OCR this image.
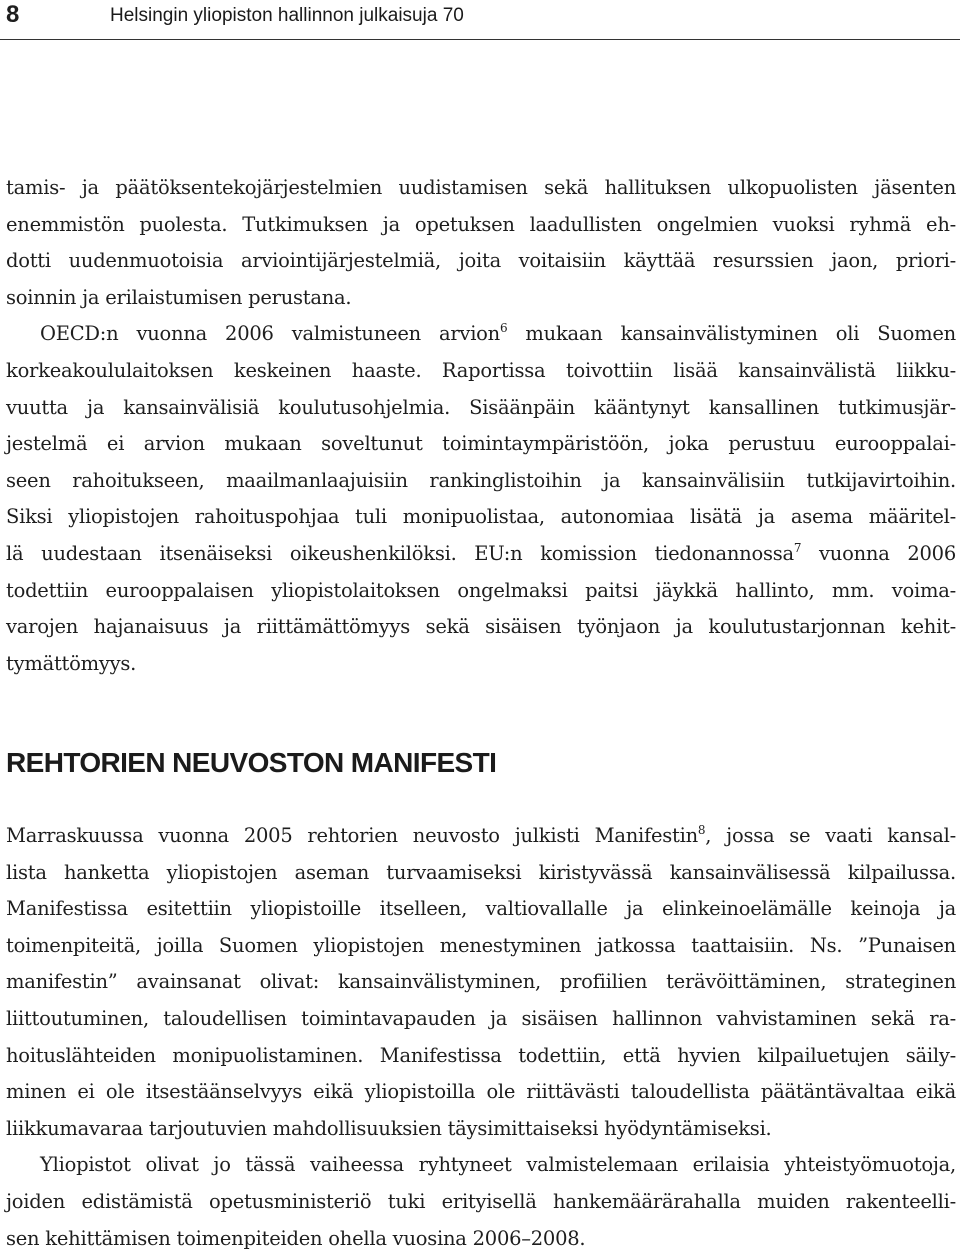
8	Helsingin yliopiston hallinnon julkaisuja 70
tamis- ja päätöksentekojärjestelmien uudistamisen sekä hallituksen ulkopuolisten jäsenten
enemmistön puolesta. Tutkimuksen ja opetuksen laadullisten ongelmien vuoksi ryhmä eh-
dotti uudenmuotoisia arviointijärjestelmiä, joita voitaisiin käyttää resurssien jaon, priori-
soinnin ja erilaistumisen perustana.
OECD:n vuonna 2006 valmistuneen arvion$^6$ mukaan kansainvälistyminen oli Suomen
korkeakoululaitoksen keskeinen haaste. Raportissa toivottiin lisää kansainvälistä liikku-
vuutta ja kansainvälisiä koulutusohjelmia. Sisäänpäin kääntynyt kansallinen tutkimusjär-
jestelmä ei arvion mukaan soveltunut toimintaympäristöön, joka perustuu eurooppalai-
seen rahoitukseen, maailmanlaajuisiin rankinglistoihin ja kansainvälisiin tutkijavirtoihin.
Siksi yliopistojen rahoituspohjaa tuli monipuolistaa, autonomiaa lisätä ja asema määritel-
lä uudestaan itsenäiseksi oikeushenkilöksi. EU:n komission tiedonannossa$^7$ vuonna 2006
todettiin eurooppalaisen yliopistolaitoksen ongelmaksi paitsi jäykkä hallinto, mm. voima-
varojen hajanaisuus ja riittämättömyys sekä sisäisen työnjaon ja koulutustarjonnan kehit-
tymättömyys.
REHTORIEN NEUVOSTON MANIFESTI
Marraskuussa vuonna 2005 rehtorien neuvosto julkisti Manifestin$^8$, jossa se vaati kansal-
lista hanketta yliopistojen aseman turvaamiseksi kiristyvässä kansainvälisessä kilpailussa.
Manifestissa esitettiin yliopistoille itselleen, valtiovallalle ja elinkeinoelämälle keinoja ja
toimenpiteitä, joilla Suomen yliopistojen menestyminen jatkossa taattaisiin. Ns. ”Punaisen
manifestin” avainsanat olivat: kansainvälistyminen, profiilien terävöittäminen, strateginen
liittoutuminen, taloudellisen toimintavapauden ja sisäisen hallinnon vahvistaminen sekä ra-
hoituslähteiden monipuolistaminen. Manifestissa todettiin, että hyvien kilpailuetujen säily-
minen ei ole itsestäänselvyys eikä yliopistoilla ole riittävästi taloudellista päätäntävaltaa eikä
liikkumavaraa tarjoutuvien mahdollisuuksien täysimittaiseksi hyödyntämiseksi.
Yliopistot olivat jo tässä vaiheessa ryhtyneet valmistelemaan erilaisia yhteistyömuotoja,
joiden edistämistä opetusministeriö tuki erityisellä hankemäärärahalla muiden rakenteelli-
sen kehittämisen toimenpiteiden ohella vuosina 2006–2008.
